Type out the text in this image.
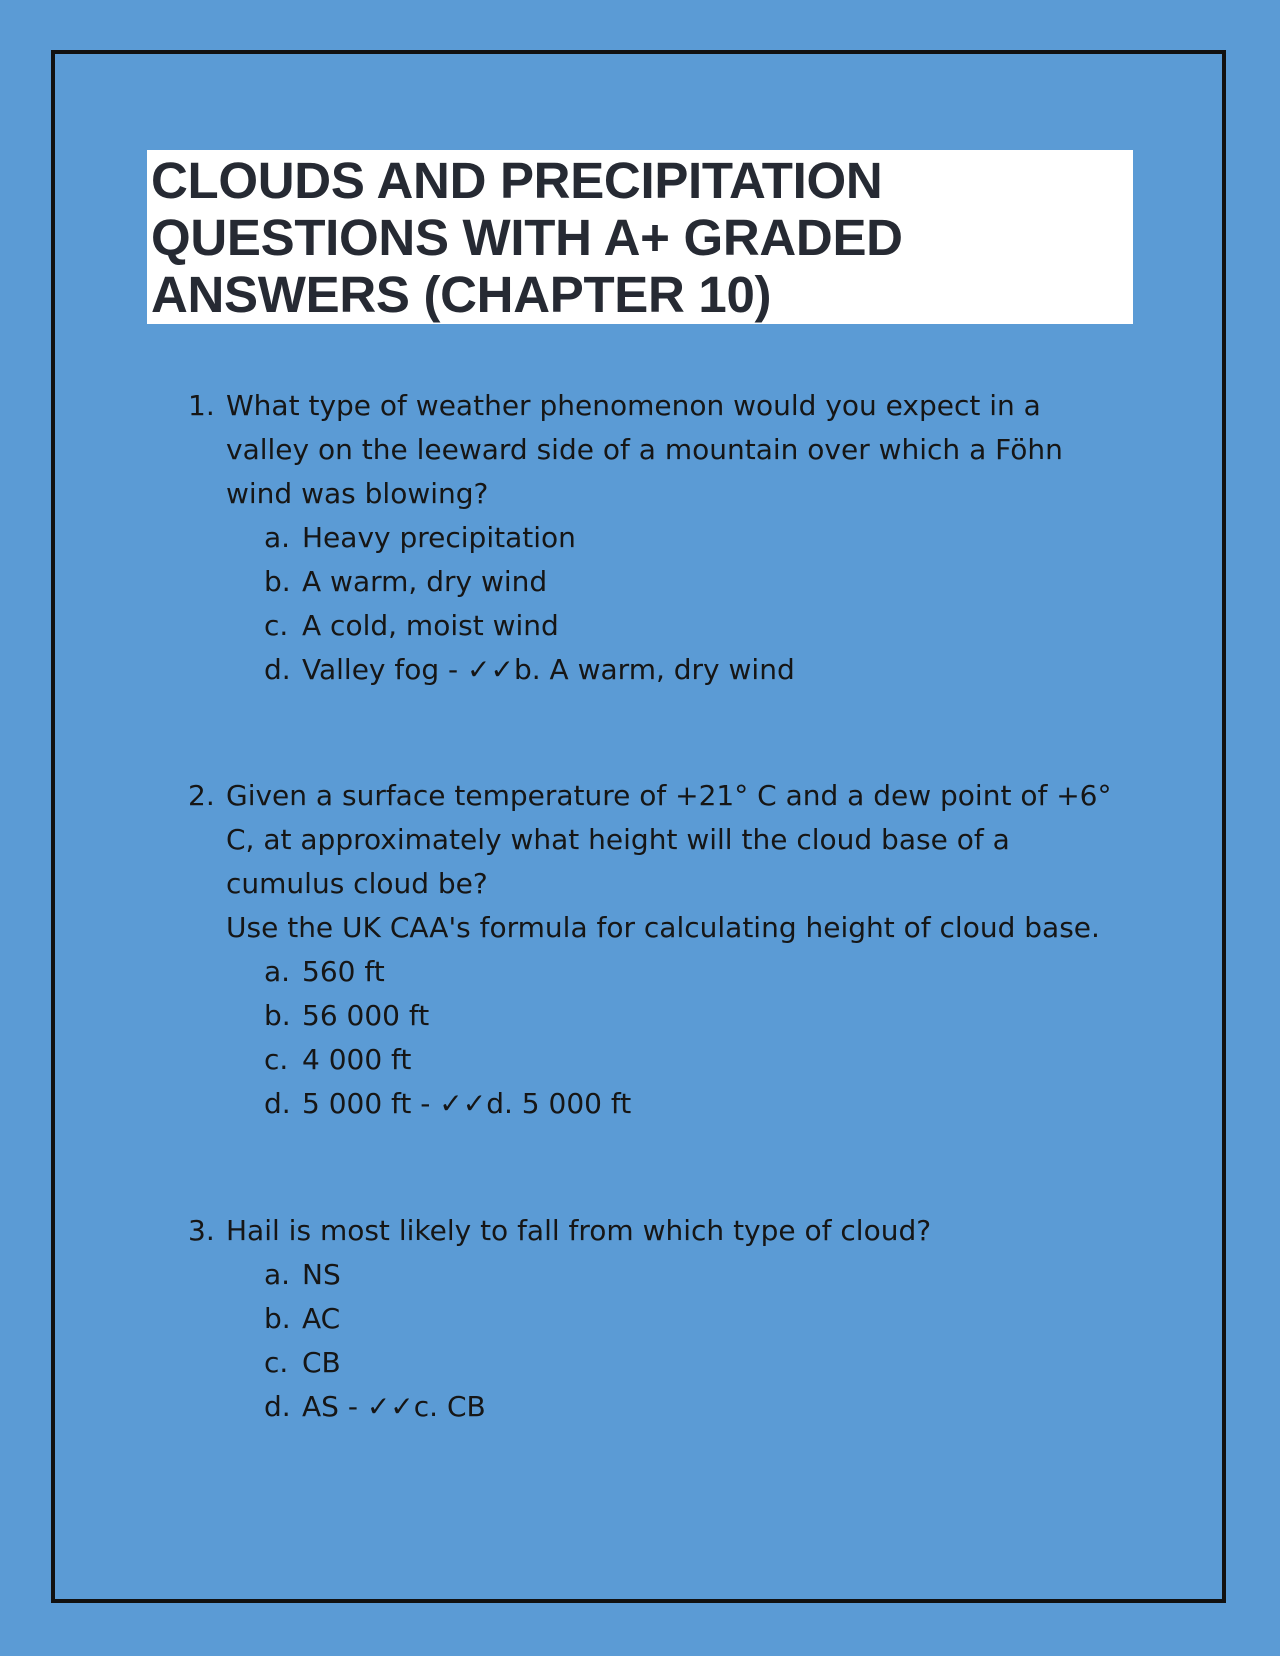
CLOUDS AND PRECIPITATION
QUESTIONS WITH A+ GRADED
ANSWERS (CHAPTER 10)
1. What type of weather phenomenon would you expect in a valley on the leeward side of a mountain over which a Föhn wind was blowing?
a. Heavy precipitation
b. A warm, dry wind
c. A cold, moist wind
d. Valley fog - ✓✓b. A warm, dry wind
2. Given a surface temperature of +21° C and a dew point of +6° C, at approximately what height will the cloud base of a cumulus cloud be?
Use the UK CAA's formula for calculating height of cloud base.
a. 560 ft
b. 56 000 ft
c. 4 000 ft
d. 5 000 ft - ✓✓d. 5 000 ft
3. Hail is most likely to fall from which type of cloud?
a. NS
b. AC
c. CB
d. AS - ✓✓c. CB
